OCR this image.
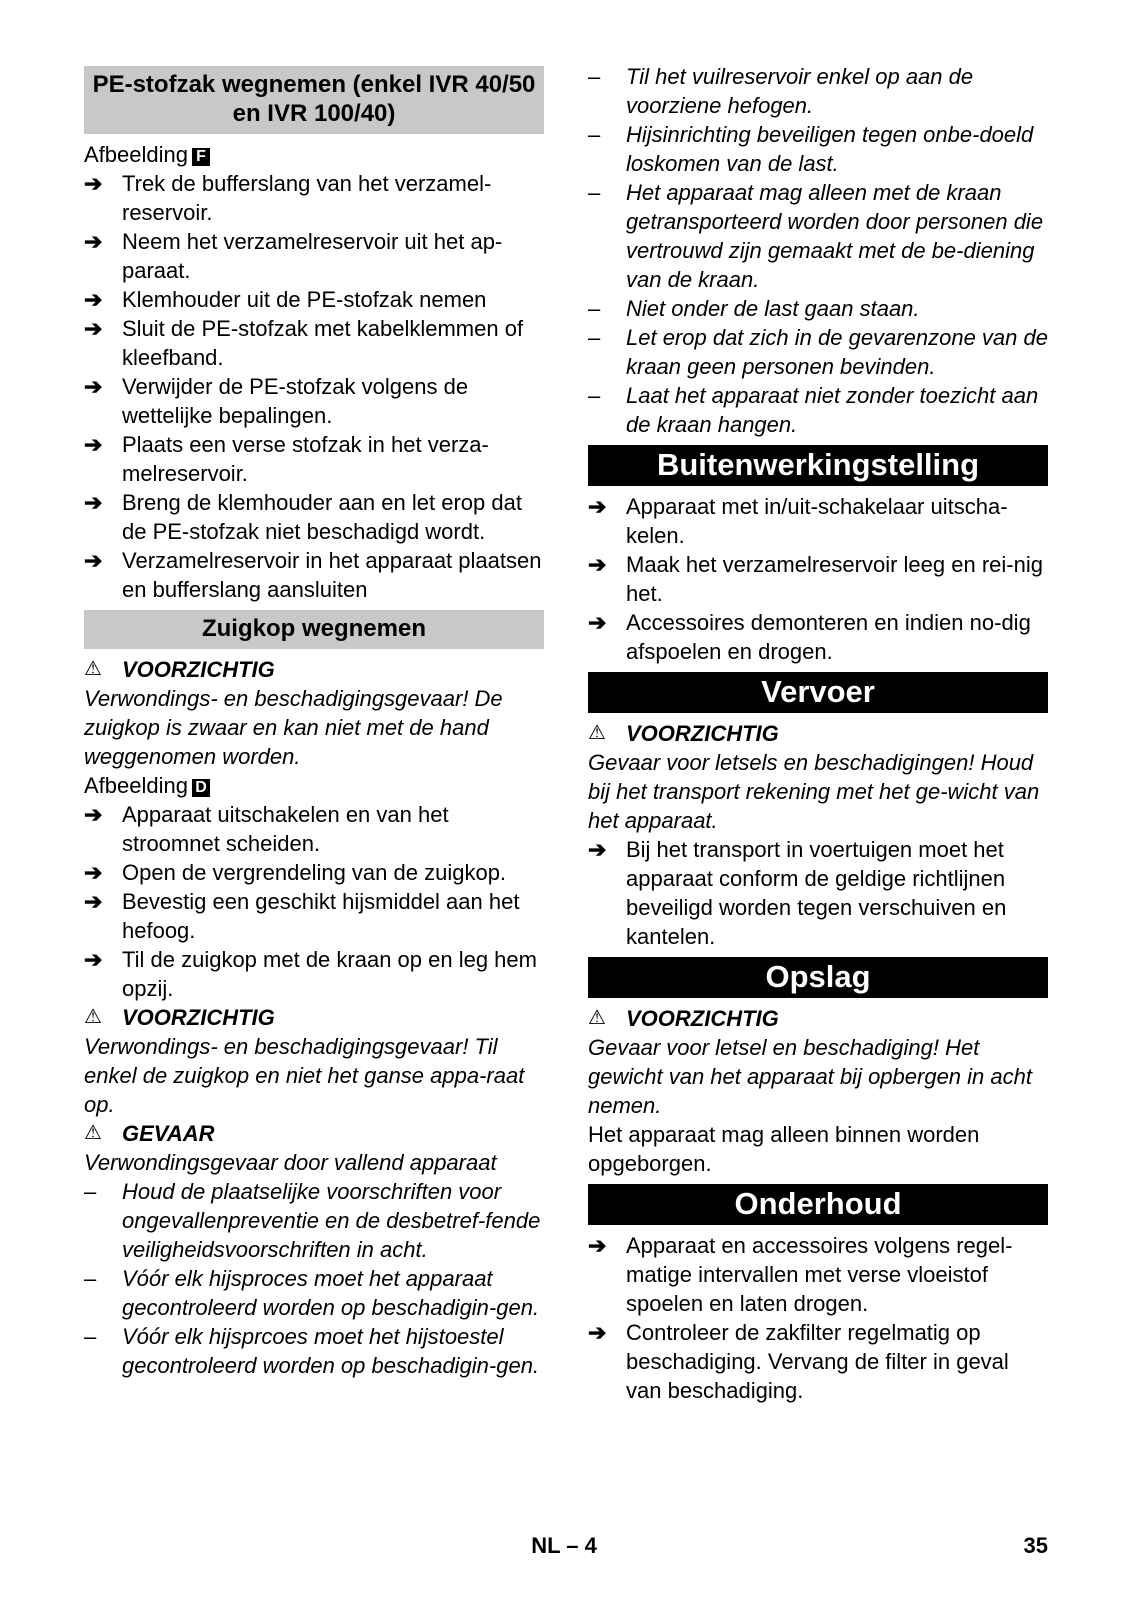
PE-stofzak wegnemen (enkel IVR 40/50 en IVR 100/40)
Afbeelding F
➔ Trek de bufferslang van het verzamel-reservoir.
➔ Neem het verzamelreservoir uit het ap-paraat.
➔ Klemhouder uit de PE-stofzak nemen
➔ Sluit de PE-stofzak met kabelklemmen of kleefband.
➔ Verwijder de PE-stofzak volgens de wettelijke bepalingen.
➔ Plaats een verse stofzak in het verza-melreservoir.
➔ Breng de klemhouder aan en let erop dat de PE-stofzak niet beschadigd wordt.
➔ Verzamelreservoir in het apparaat plaatsen en bufferslang aansluiten
Zuigkop wegnemen
⚠ VOORZICHTIG
Verwondings- en beschadigingsgevaar! De zuigkop is zwaar en kan niet met de hand weggenomen worden.
Afbeelding D
➔ Apparaat uitschakelen en van het stroomnet scheiden.
➔ Open de vergrendeling van de zuigkop.
➔ Bevestig een geschikt hijsmiddel aan het hefoog.
➔ Til de zuigkop met de kraan op en leg hem opzij.
⚠ VOORZICHTIG
Verwondings- en beschadigingsgevaar! Til enkel de zuigkop en niet het ganse appa-raat op.
⚠ GEVAAR
Verwondingsgevaar door vallend apparaat
– Houd de plaatselijke voorschriften voor ongevallenpreventie en de desbetref-fende veiligheidsvoorschriften in acht.
– Vóór elk hijsproces moet het apparaat gecontroleerd worden op beschadigin-gen.
– Vóór elk hijsprcoes moet het hijstoestel gecontroleerd worden op beschadigin-gen.
– Til het vuilreservoir enkel op aan de voorziene hefogen.
– Hijsinrichting beveiligen tegen onbe-doeld loskomen van de last.
– Het apparaat mag alleen met de kraan getransporteerd worden door personen die vertrouwd zijn gemaakt met de be-diening van de kraan.
– Niet onder de last gaan staan.
– Let erop dat zich in de gevarenzone van de kraan geen personen bevinden.
– Laat het apparaat niet zonder toezicht aan de kraan hangen.
Buitenwerkingstelling
➔ Apparaat met in/uit-schakelaar uitscha-kelen.
➔ Maak het verzamelreservoir leeg en rei-nig het.
➔ Accessoires demonteren en indien no-dig afspoelen en drogen.
Vervoer
⚠ VOORZICHTIG
Gevaar voor letsels en beschadigingen! Houd bij het transport rekening met het ge-wicht van het apparaat.
➔ Bij het transport in voertuigen moet het apparaat conform de geldige richtlijnen beveiligd worden tegen verschuiven en kantelen.
Opslag
⚠ VOORZICHTIG
Gevaar voor letsel en beschadiging! Het gewicht van het apparaat bij opbergen in acht nemen.
Het apparaat mag alleen binnen worden opgeborgen.
Onderhoud
➔ Apparaat en accessoires volgens regel-matige intervallen met verse vloeistof spoelen en laten drogen.
➔ Controleer de zakfilter regelmatig op beschadiging. Vervang de filter in geval van beschadiging.
NL – 4	35
